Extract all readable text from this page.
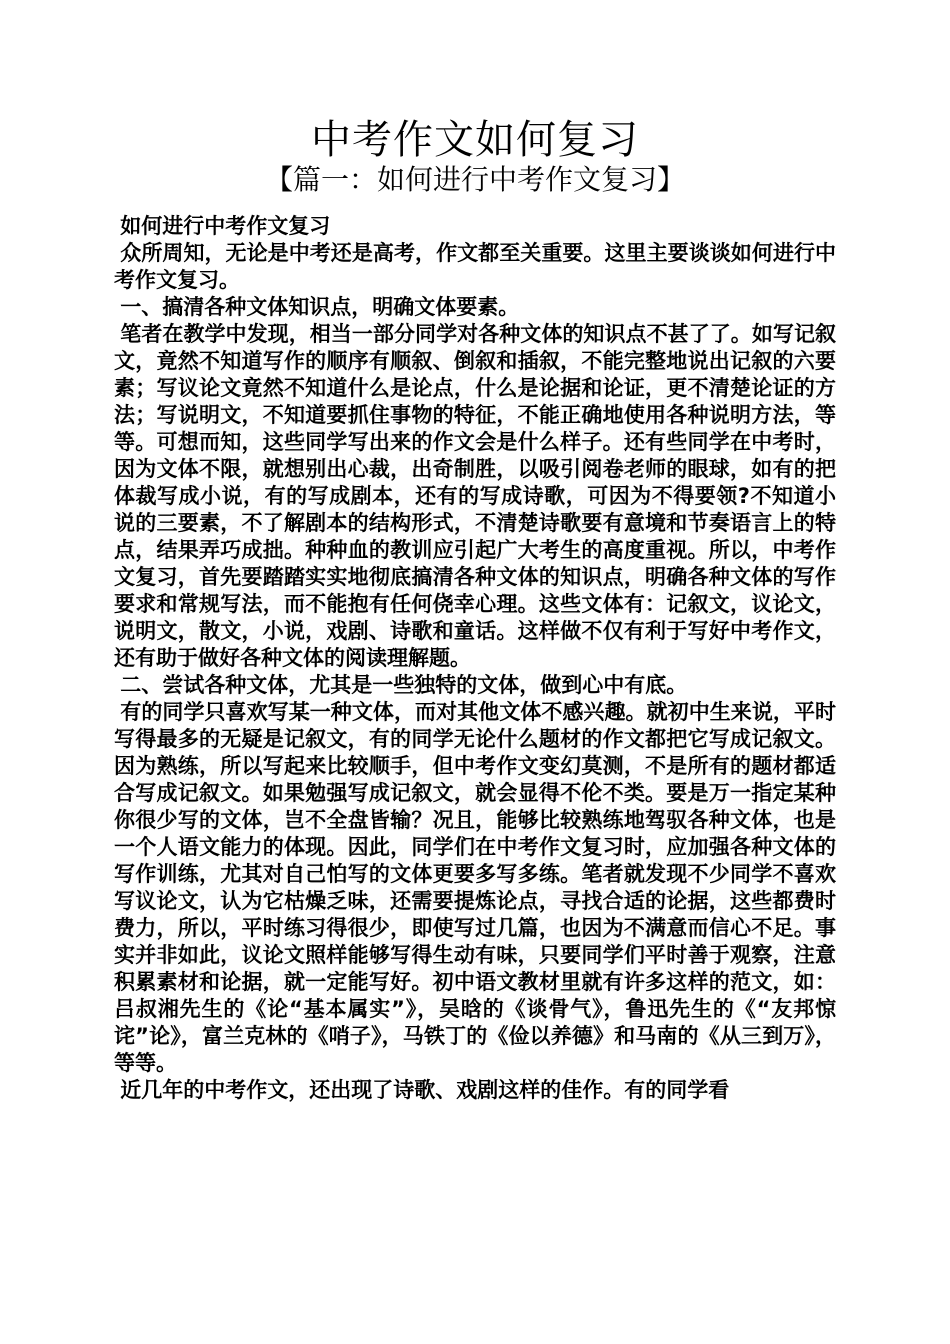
中考作文如何复习
【篇一：如何进行中考作文复习】

如何进行中考作文复习

众所周知，无论是中考还是高考，作文都至关重要。这里主要谈谈如何进行中考作文复习。

一、搞清各种文体知识点，明确文体要素。

笔者在教学中发现，相当一部分同学对各种文体的知识点不甚了了。如写记叙文，竟然不知道写作的顺序有顺叙、倒叙和插叙，不能完整地说出记叙的六要素；写议论文竟然不知道什么是论点，什么是论据和论证，更不清楚论证的方法；写说明文，不知道要抓住事物的特征，不能正确地使用各种说明方法，等等。可想而知，这些同学写出来的作文会是什么样子。还有些同学在中考时，因为文体不限，就想别出心裁，出奇制胜，以吸引阅卷老师的眼球，如有的把体裁写成小说，有的写成剧本，还有的写成诗歌，可因为不得要领?不知道小说的三要素，不了解剧本的结构形式，不清楚诗歌要有意境和节奏语言上的特点，结果弄巧成拙。种种血的教训应引起广大考生的高度重视。所以，中考作文复习，首先要踏踏实实地彻底搞清各种文体的知识点，明确各种文体的写作要求和常规写法，而不能抱有任何侥幸心理。这些文体有：记叙文，议论文，说明文，散文，小说，戏剧、诗歌和童话。这样做不仅有利于写好中考作文，还有助于做好各种文体的阅读理解题。

二、尝试各种文体，尤其是一些独特的文体，做到心中有底。

有的同学只喜欢写某一种文体，而对其他文体不感兴趣。就初中生来说，平时写得最多的无疑是记叙文，有的同学无论什么题材的作文都把它写成记叙文。因为熟练，所以写起来比较顺手，但中考作文变幻莫测，不是所有的题材都适合写成记叙文。如果勉强写成记叙文，就会显得不伦不类。要是万一指定某种你很少写的文体，岂不全盘皆输？况且，能够比较熟练地驾驭各种文体，也是一个人语文能力的体现。因此，同学们在中考作文复习时，应加强各种文体的写作训练，尤其对自己怕写的文体更要多写多练。笔者就发现不少同学不喜欢写议论文，认为它枯燥乏味，还需要提炼论点，寻找合适的论据，这些都费时费力，所以，平时练习得很少，即使写过几篇，也因为不满意而信心不足。事实并非如此，议论文照样能够写得生动有味，只要同学们平时善于观察，注意积累素材和论据，就一定能写好。初中语文教材里就有许多这样的范文，如：吕叔湘先生的《论“基本属实”》，吴晗的《谈骨气》，鲁迅先生的《“友邦惊诧”论》，富兰克林的《哨子》，马铁丁的《俭以养德》和马南的《从三到万》，等等。

近几年的中考作文，还出现了诗歌、戏剧这样的佳作。有的同学看
